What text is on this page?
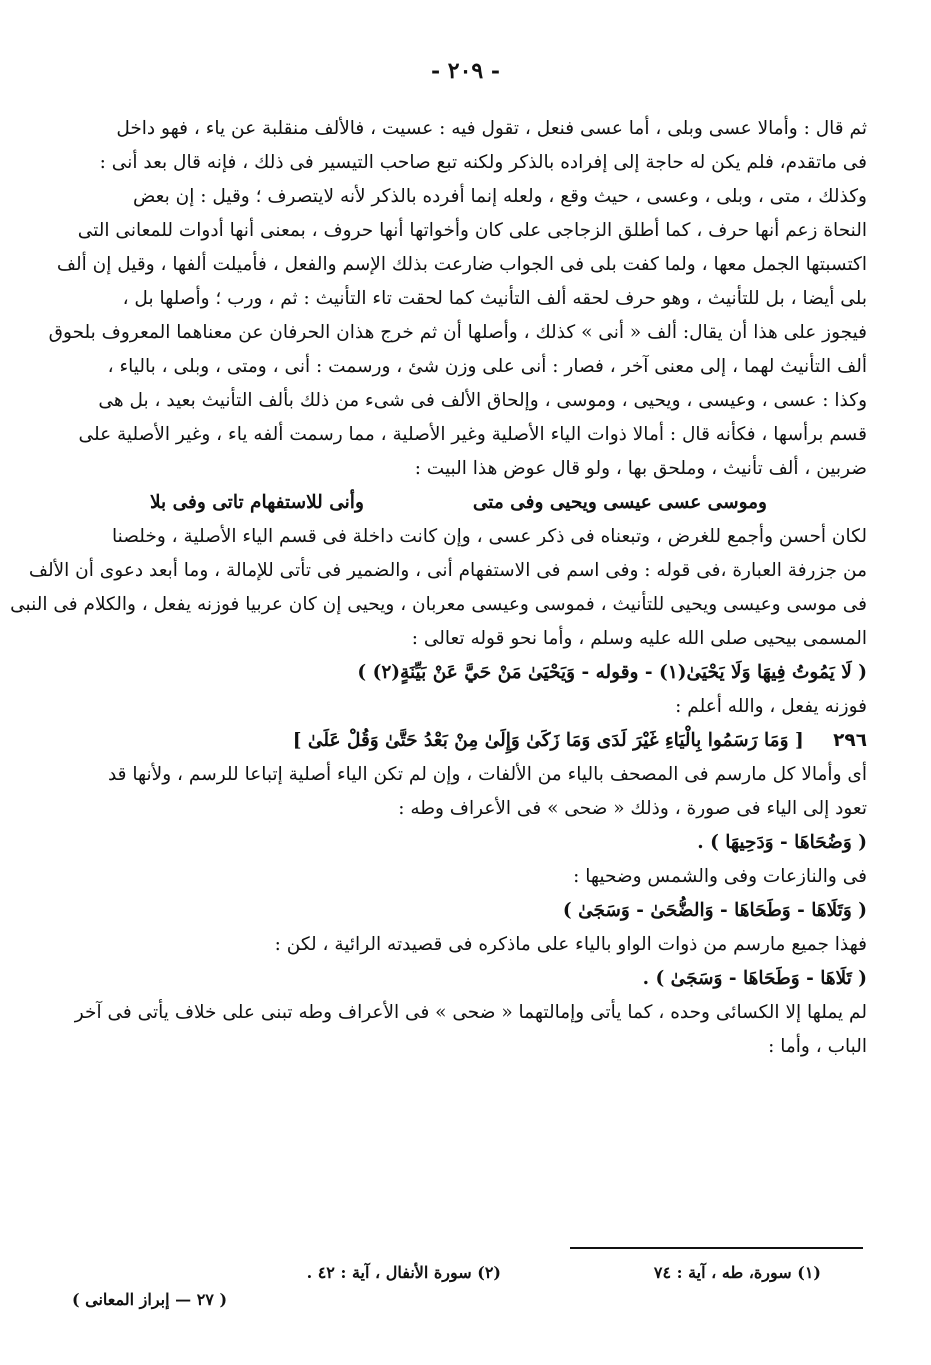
- ٢٠٩ -
ثم قال : وأمالا عسى وبلى ، أما عسى فنعل ، تقول فيه : عسيت ، فالألف منقلبة عن ياء ، فهو داخل
فى ماتقدم، فلم يكن له حاجة إلى إفراده بالذكر ولكنه تبع صاحب التيسير فى ذلك ، فإنه قال بعد أنى :
وكذلك ، متى ، وبلى ، وعسى ، حيث وقع ، ولعله إنما أفرده بالذكر لأنه لايتصرف ؛ وقيل : إن بعض
النحاة زعم أنها حرف ، كما أطلق الزجاجى على كان وأخواتها أنها حروف ، بمعنى أنها أدوات للمعانى التى
اكتسبتها الجمل معها ، ولما كفت بلى فى الجواب ضارعت بذلك الإسم والفعل ، فأميلت ألفها ، وقيل إن ألف
بلى أيضا ، بل للتأنيث ، وهو حرف لحقه ألف التأنيث كما لحقت تاء التأنيث : ثم ، ورب ؛ وأصلها بل ،
فيجوز على هذا أن يقال: ألف « أنى » كذلك ، وأصلها أن ثم خرج هذان الحرفان عن معناهما المعروف بلحوق
ألف التأنيث لهما ، إلى معنى آخر ، فصار : أنى على وزن شئ ، ورسمت : أنى ، ومتى ، وبلى ، بالياء ،
وكذا : عسى ، وعيسى ، ويحيى ، وموسى ، وإلحاق الألف فى شىء من ذلك بألف التأنيث بعيد ، بل هى
قسم برأسها ، فكأنه قال : أمالا ذوات الياء الأصلية وغير الأصلية ، مما رسمت ألفه ياء ، وغير الأصلية على
ضربين ، ألف تأنيث ، وملحق بها ، ولو قال عوض هذا البيت :
وموسى عسى عيسى ويحيى وفى متى
وأنى للاستفهام تاتى وفى بلا
لكان أحسن وأجمع للغرض ، وتبعناه فى ذكر عسى ، وإن كانت داخلة فى قسم الياء الأصلية ، وخلصنا
من جزرفة العبارة ،فى قوله : وفى اسم فى الاستفهام أنى ، والضمير فى تأتى للإمالة ، وما أبعد دعوى أن الألف
فى موسى وعيسى ويحيى للتأنيث ، فموسى وعيسى معربان ، ويحيى إن كان عربيا فوزنه يفعل ، والكلام فى النبى
المسمى بيحيى صلى الله عليه وسلم ، وأما نحو قوله تعالى :
( لَا يَمُوتُ فِيهَا وَلَا يَحْيَىٰ(١) - وقوله - وَيَحْيَىٰ مَنْ حَيَّ عَنْ بَيِّنَةٍ(٢) )
فوزنه يفعل ، والله أعلم :
٢٩٦     [ وَمَا رَسَمُوا بِالْيَاءِ غَيْرَ لَدَى وَمَا زَكَىٰ وَإِلَىٰ مِنْ بَعْدُ حَتَّىٰ وَقُلْ عَلَىٰ ]
أى وأمالا كل مارسم فى المصحف بالياء من الألفات ، وإن لم تكن الياء أصلية إتباعا للرسم ، ولأنها قد
تعود إلى الياء فى صورة ، وذلك « ضحى » فى الأعراف وطه :
( وَضُحَاهَا - وَدَحِيهَا ) .
فى والنازعات وفى والشمس وضحيها :
( وَتَلَاهَا - وَطَحَاهَا - وَالضُّحَىٰ - وَسَجَىٰ )
فهذا جميع مارسم من ذوات الواو بالياء على ماذكره فى قصيدته الرائية ، لكن :
( تَلَاهَا - وَطَحَاهَا - وَسَجَىٰ ) .
لم يملها إلا الكسائى وحده ، كما يأتى وإمالتهما « ضحى » فى الأعراف وطه تبنى على خلاف يأتى فى آخر
الباب ، وأما :
(١) سورة، طه ، آية : ٧٤
(٢) سورة الأنفال ، آية : ٤٢ .
( ٢٧ — إبراز المعانى )
